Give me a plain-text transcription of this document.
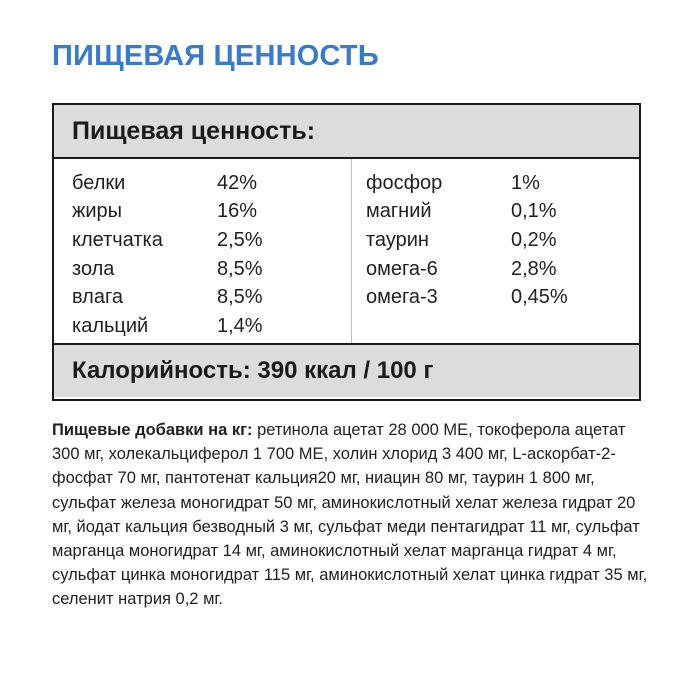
ПИЩЕВАЯ ЦЕННОСТЬ
Пищевая ценность:
белки	42%
жиры	16%
клетчатка	2,5%
зола	8,5%
влага	8,5%
кальций	1,4%
фосфор	1%
магний	0,1%
таурин	0,2%
омега-6	2,8%
омега-3	0,45%
Калорийность: 390 ккал / 100 г
Пищевые добавки на кг: ретинола ацетат 28 000 МЕ, токоферола ацетат 300 мг, холекальциферол 1 700 МЕ, холин хлорид 3 400 мг, L-аскорбат-2-фосфат 70 мг, пантотенат кальция20 мг, ниацин 80 мг, таурин 1 800 мг, сульфат железа моногидрат 50 мг, аминокислотный хелат железа гидрат 20 мг, йодат кальция безводный 3 мг, сульфат меди пентагидрат 11 мг, сульфат марганца моногидрат 14 мг, аминокислотный хелат марганца гидрат 4 мг, сульфат цинка моногидрат 115 мг, аминокислотный хелат цинка гидрат 35 мг, селенит натрия 0,2 мг.
